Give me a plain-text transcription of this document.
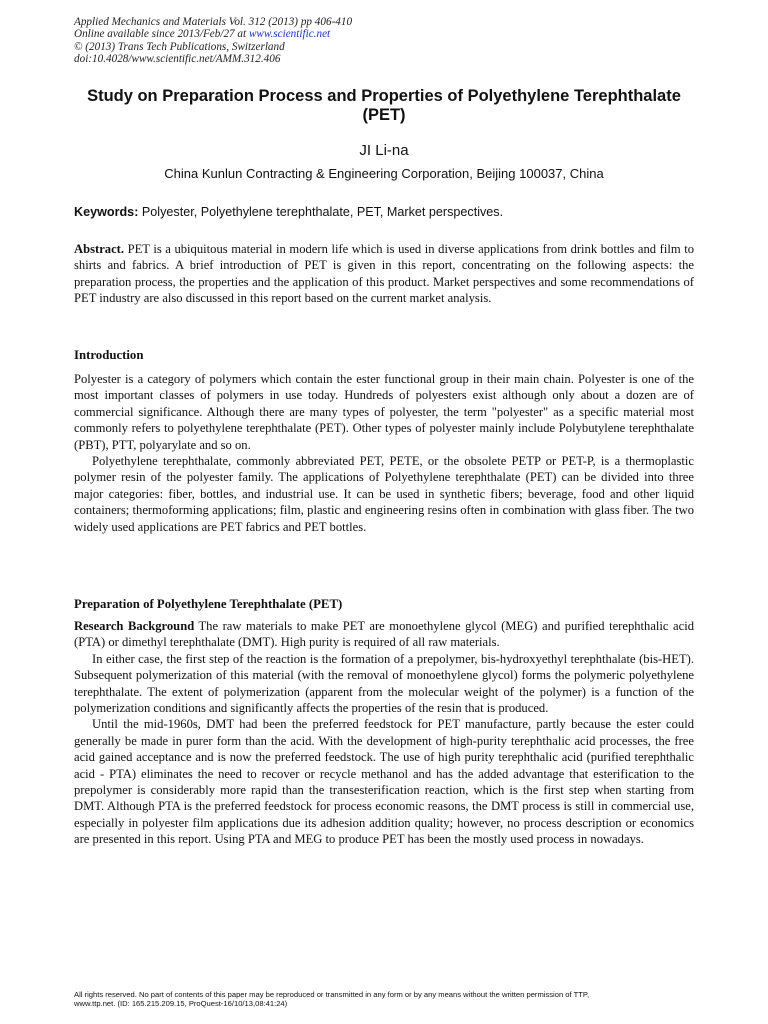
Applied Mechanics and Materials Vol. 312 (2013) pp 406-410
Online available since 2013/Feb/27 at www.scientific.net
© (2013) Trans Tech Publications, Switzerland
doi:10.4028/www.scientific.net/AMM.312.406
Study on Preparation Process and Properties of Polyethylene Terephthalate (PET)
JI Li-na
China Kunlun Contracting & Engineering Corporation, Beijing 100037, China
Keywords: Polyester, Polyethylene terephthalate, PET, Market perspectives.

Abstract. PET is a ubiquitous material in modern life which is used in diverse applications from drink bottles and film to shirts and fabrics. A brief introduction of PET is given in this report, concentrating on the following aspects: the preparation process, the properties and the application of this product. Market perspectives and some recommendations of PET industry are also discussed in this report based on the current market analysis.

Introduction

Polyester is a category of polymers which contain the ester functional group in their main chain. Polyester is one of the most important classes of polymers in use today. Hundreds of polyesters exist although only about a dozen are of commercial significance. Although there are many types of polyester, the term "polyester" as a specific material most commonly refers to polyethylene terephthalate (PET). Other types of polyester mainly include Polybutylene terephthalate (PBT), PTT, polyarylate and so on.

Polyethylene terephthalate, commonly abbreviated PET, PETE, or the obsolete PETP or PET-P, is a thermoplastic polymer resin of the polyester family. The applications of Polyethylene terephthalate (PET) can be divided into three major categories: fiber, bottles, and industrial use. It can be used in synthetic fibers; beverage, food and other liquid containers; thermoforming applications; film, plastic and engineering resins often in combination with glass fiber. The two widely used applications are PET fabrics and PET bottles.

Preparation of Polyethylene Terephthalate (PET)

Research Background The raw materials to make PET are monoethylene glycol (MEG) and purified terephthalic acid (PTA) or dimethyl terephthalate (DMT). High purity is required of all raw materials.

In either case, the first step of the reaction is the formation of a prepolymer, bis-hydroxyethyl terephthalate (bis-HET). Subsequent polymerization of this material (with the removal of monoethylene glycol) forms the polymeric polyethylene terephthalate. The extent of polymerization (apparent from the molecular weight of the polymer) is a function of the polymerization conditions and significantly affects the properties of the resin that is produced.

Until the mid-1960s, DMT had been the preferred feedstock for PET manufacture, partly because the ester could generally be made in purer form than the acid. With the development of high-purity terephthalic acid processes, the free acid gained acceptance and is now the preferred feedstock. The use of high purity terephthalic acid (purified terephthalic acid - PTA) eliminates the need to recover or recycle methanol and has the added advantage that esterification to the prepolymer is considerably more rapid than the transesterification reaction, which is the first step when starting from DMT. Although PTA is the preferred feedstock for process economic reasons, the DMT process is still in commercial use, especially in polyester film applications due its adhesion addition quality; however, no process description or economics are presented in this report. Using PTA and MEG to produce PET has been the mostly used process in nowadays.

All rights reserved. No part of contents of this paper may be reproduced or transmitted in any form or by any means without the written permission of TTP,
www.ttp.net. (ID: 165.215.209.15, ProQuest-16/10/13,08:41:24)
